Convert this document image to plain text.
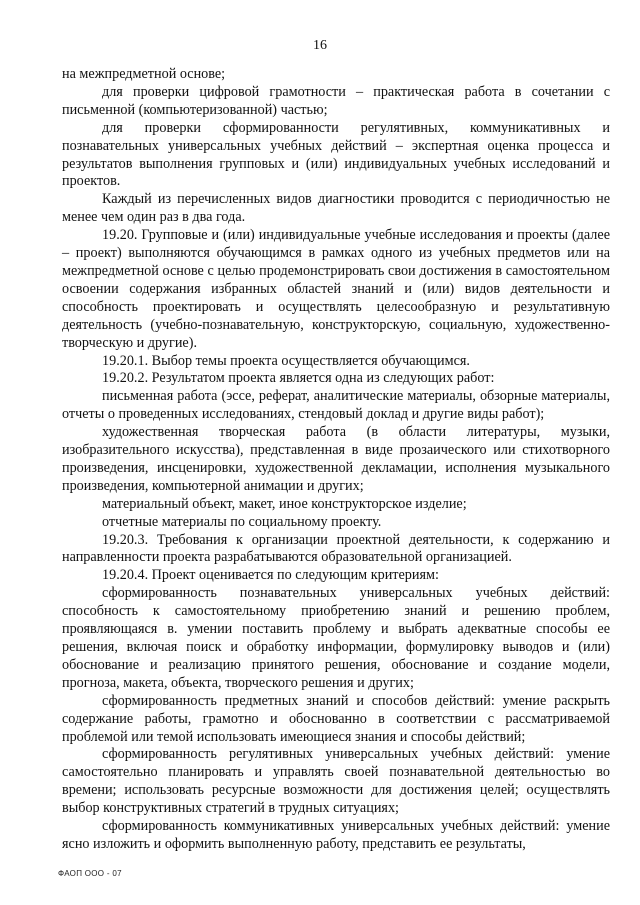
16

на межпредметной основе;

для проверки цифровой грамотности – практическая работа в сочетании с письменной (компьютеризованной) частью;

для проверки сформированности регулятивных, коммуникативных и познавательных универсальных учебных действий – экспертная оценка процесса и результатов выполнения групповых и (или) индивидуальных учебных исследований и проектов.

Каждый из перечисленных видов диагностики проводится с периодичностью не менее чем один раз в два года.

19.20. Групповые и (или) индивидуальные учебные исследования и проекты (далее – проект) выполняются обучающимся в рамках одного из учебных предметов или на межпредметной основе с целью продемонстрировать свои достижения в самостоятельном освоении содержания избранных областей знаний и (или) видов деятельности и способность проектировать и осуществлять целесообразную и результативную деятельность (учебно-познавательную, конструкторскую, социальную, художественно-творческую и другие).

19.20.1. Выбор темы проекта осуществляется обучающимся.

19.20.2. Результатом проекта является одна из следующих работ:

письменная работа (эссе, реферат, аналитические материалы, обзорные материалы, отчеты о проведенных исследованиях, стендовый доклад и другие виды работ);

художественная творческая работа (в области литературы, музыки, изобразительного искусства), представленная в виде прозаического или стихотворного произведения, инсценировки, художественной декламации, исполнения музыкального произведения, компьютерной анимации и других;

материальный объект, макет, иное конструкторское изделие;

отчетные материалы по социальному проекту.

19.20.3. Требования к организации проектной деятельности, к содержанию и направленности проекта разрабатываются образовательной организацией.

19.20.4. Проект оценивается по следующим критериям:

сформированность познавательных универсальных учебных действий: способность к самостоятельному приобретению знаний и решению проблем, проявляющаяся в. умении поставить проблему и выбрать адекватные способы ее решения, включая поиск и обработку информации, формулировку выводов и (или) обоснование и реализацию принятого решения, обоснование и создание модели, прогноза, макета, объекта, творческого решения и других;

сформированность предметных знаний и способов действий: умение раскрыть содержание работы, грамотно и обоснованно в соответствии с рассматриваемой проблемой или темой использовать имеющиеся знания и способы действий;

сформированность регулятивных универсальных учебных действий: умение самостоятельно планировать и управлять своей познавательной деятельностью во времени; использовать ресурсные возможности для достижения целей; осуществлять выбор конструктивных стратегий в трудных ситуациях;

сформированность коммуникативных универсальных учебных действий: умение ясно изложить и оформить выполненную работу, представить ее результаты,

ФАОП ООО - 07
